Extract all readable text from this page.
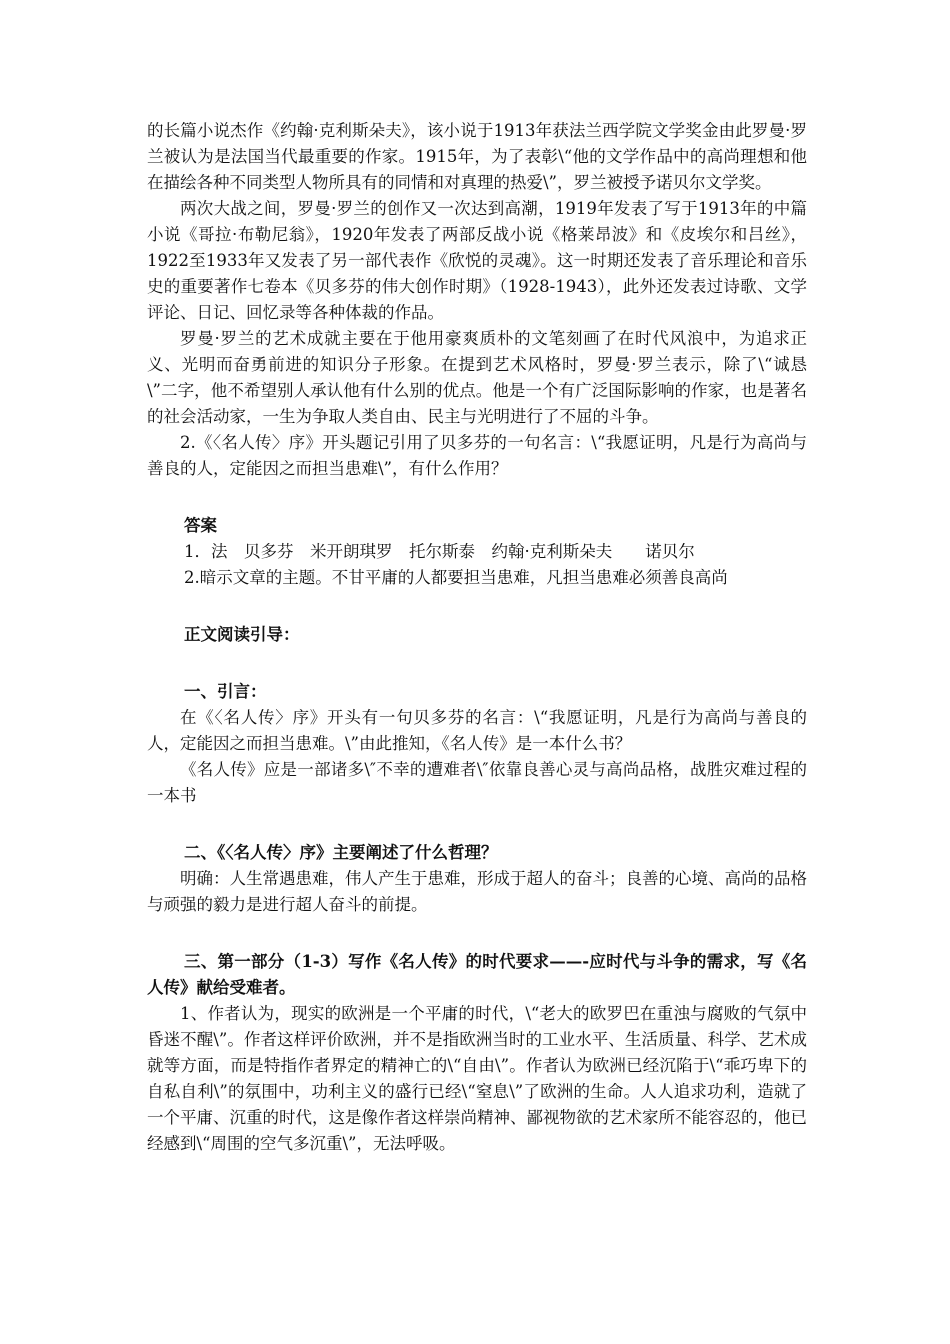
的长篇小说杰作《约翰·克利斯朵夫》，该小说于1913年获法兰西学院文学奖金由此罗曼·罗兰被认为是法国当代最重要的作家。1915年，为了表彰\“他的文学作品中的高尚理想和他在描绘各种不同类型人物所具有的同情和对真理的热爱\”，罗兰被授予诺贝尔文学奖。

两次大战之间，罗曼·罗兰的创作又一次达到高潮，1919年发表了写于1913年的中篇小说《哥拉·布勒尼翁》，1920年发表了两部反战小说《格莱昂波》和《皮埃尔和吕丝》，1922至1933年又发表了另一部代表作《欣悦的灵魂》。这一时期还发表了音乐理论和音乐史的重要著作七卷本《贝多芬的伟大创作时期》（1928-1943），此外还发表过诗歌、文学评论、日记、回忆录等各种体裁的作品。

罗曼·罗兰的艺术成就主要在于他用豪爽质朴的文笔刻画了在时代风浪中，为追求正义、光明而奋勇前进的知识分子形象。在提到艺术风格时，罗曼·罗兰表示，除了\“诚恳\”二字，他不希望别人承认他有什么别的优点。他是一个有广泛国际影响的作家，也是著名的社会活动家，一生为争取人类自由、民主与光明进行了不屈的斗争。

2.《〈名人传〉序》开头题记引用了贝多芬的一句名言：\“我愿证明，凡是行为高尚与善良的人，定能因之而担当患难\”，有什么作用？

答案

1．法　贝多芬　米开朗琪罗　托尔斯泰　约翰·克利斯朵夫　　诺贝尔

2.暗示文章的主题。不甘平庸的人都要担当患难，凡担当患难必须善良高尚

正文阅读引导：

一、引言：

在《〈名人传〉序》开头有一句贝多芬的名言：\“我愿证明，凡是行为高尚与善良的人，定能因之而担当患难。\”由此推知，《名人传》是一本什么书？

《名人传》应是一部诸多\″不幸的遭难者\″依靠良善心灵与高尚品格，战胜灾难过程的一本书

二、《〈名人传〉序》主要阐述了什么哲理？

明确：人生常遇患难，伟人产生于患难，形成于超人的奋斗；良善的心境、高尚的品格与顽强的毅力是进行超人奋斗的前提。

三、第一部分（1-3）写作《名人传》的时代要求——-应时代与斗争的需求，写《名人传》献给受难者。

1、作者认为，现实的欧洲是一个平庸的时代，\“老大的欧罗巴在重浊与腐败的气氛中昏迷不醒\”。作者这样评价欧洲，并不是指欧洲当时的工业水平、生活质量、科学、艺术成就等方面，而是特指作者界定的精神亡的\“自由\”。作者认为欧洲已经沉陷于\“乖巧卑下的自私自利\”的氛围中，功利主义的盛行已经\“窒息\”了欧洲的生命。人人追求功利，造就了一个平庸、沉重的时代，这是像作者这样崇尚精神、鄙视物欲的艺术家所不能容忍的，他已经感到\“周围的空气多沉重\”，无法呼吸。
